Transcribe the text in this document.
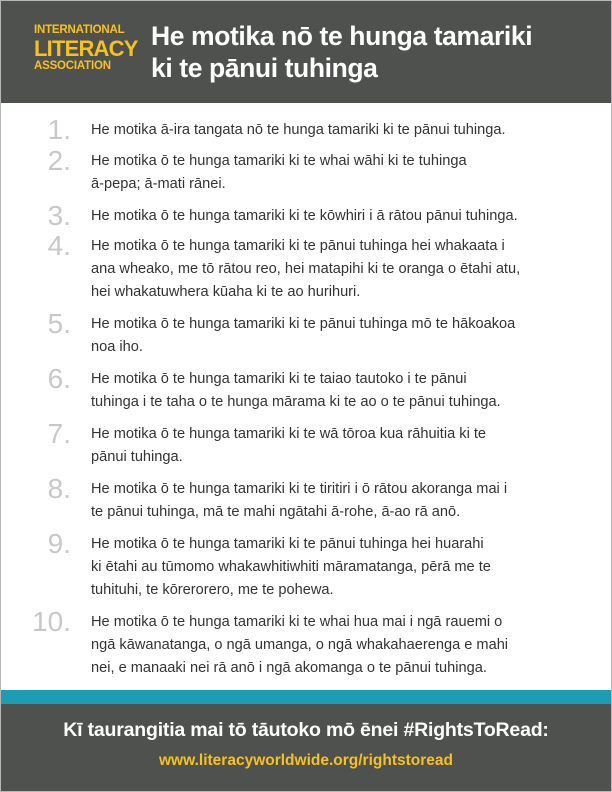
INTERNATIONAL
LITERACY
ASSOCIATION
He motika nō te hunga tamariki
ki te pānui tuhinga
1. He motika ā-ira tangata nō te hunga tamariki ki te pānui tuhinga.
2. He motika ō te hunga tamariki ki te whai wāhi ki te tuhinga
ā-pepa; ā-mati rānei.
3. He motika ō te hunga tamariki ki te kōwhiri i ā rātou pānui tuhinga.
4. He motika ō te hunga tamariki ki te pānui tuhinga hei whakaata i
ana wheako, me tō rātou reo, hei matapihi ki te oranga o ētahi atu,
hei whakatuwhera kūaha ki te ao hurihuri.
5. He motika ō te hunga tamariki ki te pānui tuhinga mō te hākoakoa
noa iho.
6. He motika ō te hunga tamariki ki te taiao tautoko i te pānui
tuhinga i te taha o te hunga mārama ki te ao o te pānui tuhinga.
7. He motika ō te hunga tamariki ki te wā tōroa kua rāhuitia ki te
pānui tuhinga.
8. He motika ō te hunga tamariki ki te tiritiri i ō rātou akoranga mai i
te pānui tuhinga, mā te mahi ngātahi ā-rohe, ā-ao rā anō.
9. He motika ō te hunga tamariki ki te pānui tuhinga hei huarahi
ki ētahi au tūmomo whakawhitiwhiti māramatanga, pērā me te
tuhituhi, te kōrerorero, me te pohewa.
10. He motika ō te hunga tamariki ki te whai hua mai i ngā rauemi o
ngā kāwanatanga, o ngā umanga, o ngā whakahaerenga e mahi
nei, e manaaki nei rā anō i ngā akomanga o te pānui tuhinga.
Kī taurangitia mai tō tāutoko mō ēnei #RightsToRead:
www.literacyworldwide.org/rightstoread
